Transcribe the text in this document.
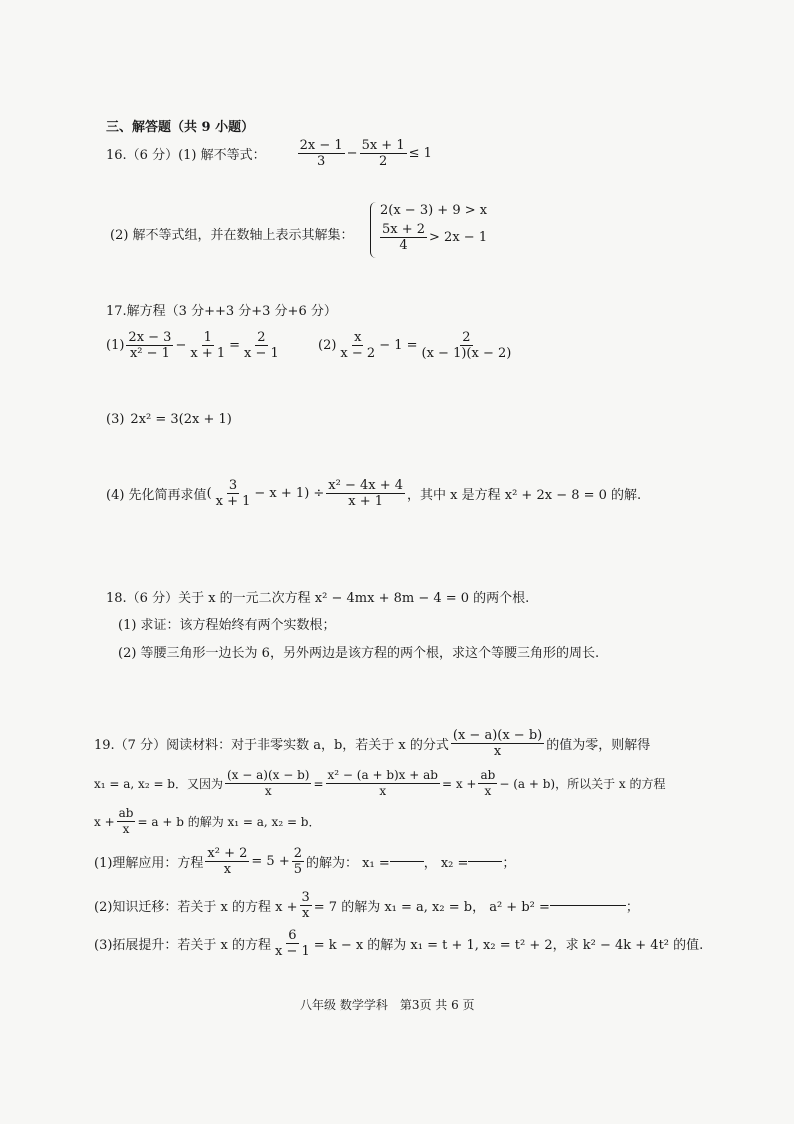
三、解答题（共 9 小题）
16.（6 分）(1) 解不等式： $\frac{2x - 1}{3} - \frac{5x + 1}{2} \le 1$
(2) 解不等式组，并在数轴上表示其解集：
2(x − 3) + 9 > x
$\frac{5x + 2}{4} > 2x - 1$
17.解方程（3 分++3 分+3 分+6 分）
$(1) \frac{2x - 3}{\text{x² − 1}} - \frac{1}{x + 1} = \frac{2}{x - 1}$	$(2) \frac{x}{x - 2} - 1 = \frac{2}{(x - 1)(x - 2)}$
(3) 2x² = 3(2x + 1)
(4) 先化简再求值 ( $\frac{3}{x + 1} - x + 1) \div \frac{\text{x² − 4x + 4}}{x + 1}$ ，其中 x 是方程 x² + 2x − 8 = 0 的解.
18.（6 分）关于 x 的一元二次方程 x² − 4mx + 8m − 4 = 0 的两个根.
(1) 求证：该方程始终有两个实数根；
(2) 等腰三角形一边长为 6，另外两边是该方程的两个根，求这个等腰三角形的周长.
19.（7 分）阅读材料：对于非零实数 a，b，若关于 x 的分式 $\frac{(x - a)(x - b)}{x}$ 的值为零，则解得
x₁ = a, x₂ = b．又因为 $\frac{(x - a)(x - b)}{x} = \frac{\text{x² − (a + b)x + ab}}{x} = x + \frac{ab}{x} - (a + b)$，所以关于 x 的方程
$x + \frac{ab}{x} = a + b$ 的解为 x₁ = a, x₂ = b．
(1)理解应用：方程 $\frac{\text{x² + 2}}{x} = 5 + \frac{2}{5}$ 的解为： x₁ =	， x₂ =	；
(2)知识迁移：若关于 x 的方程 $x + \frac{3}{x} = 7$ 的解为 x₁ = a, x₂ = b， a² + b² =	；
(3)拓展提升：若关于 x 的方程 $\frac{6}{x - 1} = k - x$ 的解为 x₁ = t + 1, x₂ = t² + 2，求 k² − 4k + 4t² 的值.
八年级 数学学科　第3页 共 6 页
